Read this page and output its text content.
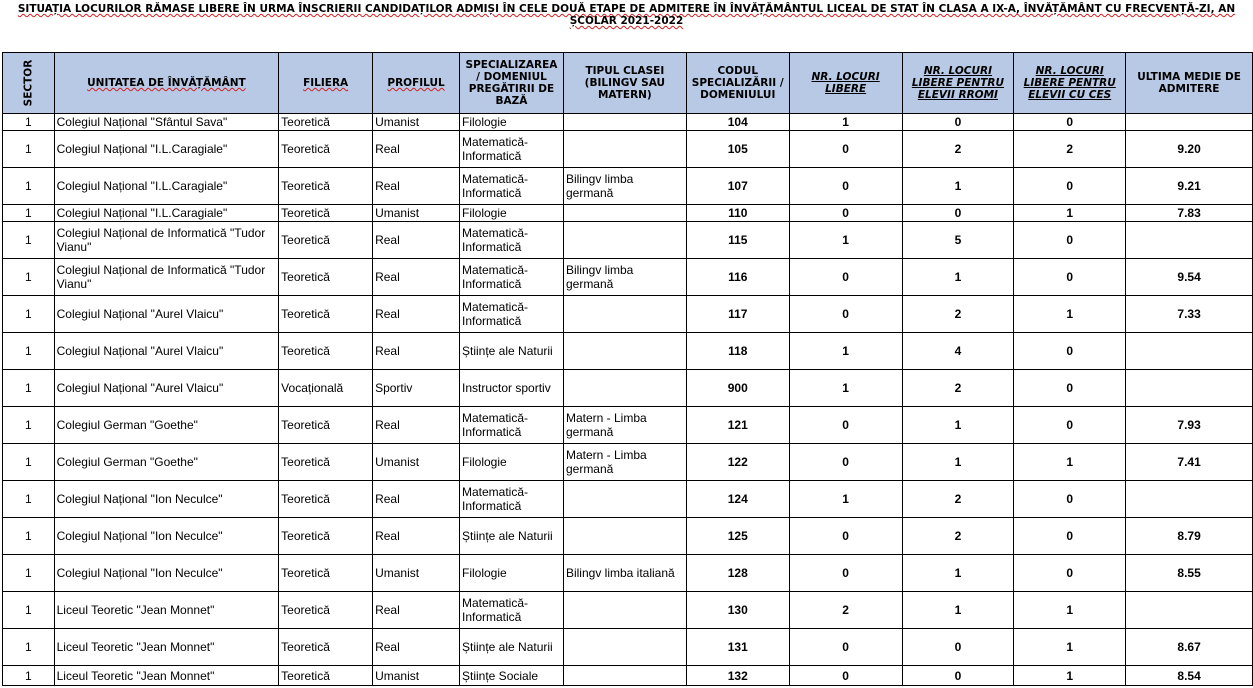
SITUAȚIA LOCURILOR RĂMASE LIBERE ÎN URMA ÎNSCRIERII CANDIDAȚILOR ADMIȘI ÎN CELE DOUĂ ETAPE DE ADMITERE ÎN ÎNVĂȚĂMÂNTUL LICEAL DE STAT ÎN CLASA A IX-A, ÎNVĂȚĂMÂNT CU FRECVENȚĂ-ZI, AN ȘCOLAR 2021-2022
SECTOR	UNITATEA DE ÎNVĂȚĂMÂNT	FILIERA	PROFILUL	SPECIALIZAREA / DOMENIUL PREGĂTIRII DE BAZĂ	TIPUL CLASEI (BILINGV SAU MATERN)	CODUL SPECIALIZĂRII / DOMENIULUI	NR. LOCURI LIBERE	NR. LOCURI LIBERE PENTRU ELEVII RROMI	NR. LOCURI LIBERE PENTRU ELEVII CU CES	ULTIMA MEDIE DE ADMITERE
1	Colegiul Național "Sfântul Sava"	Teoretică	Umanist	Filologie		104	1	0	0	
1	Colegiul Național "I.L.Caragiale"	Teoretică	Real	Matematică-Informatică		105	0	2	2	9.20
1	Colegiul Național "I.L.Caragiale"	Teoretică	Real	Matematică-Informatică	Bilingv limba germană	107	0	1	0	9.21
1	Colegiul Național "I.L.Caragiale"	Teoretică	Umanist	Filologie		110	0	0	1	7.83
1	Colegiul Național de Informatică "Tudor Vianu"	Teoretică	Real	Matematică-Informatică		115	1	5	0	
1	Colegiul Național de Informatică "Tudor Vianu"	Teoretică	Real	Matematică-Informatică	Bilingv limba germană	116	0	1	0	9.54
1	Colegiul Național "Aurel Vlaicu"	Teoretică	Real	Matematică-Informatică		117	0	2	1	7.33
1	Colegiul Național "Aurel Vlaicu"	Teoretică	Real	Științe ale Naturii		118	1	4	0	
1	Colegiul Național "Aurel Vlaicu"	Vocațională	Sportiv	Instructor sportiv		900	1	2	0	
1	Colegiul German "Goethe"	Teoretică	Real	Matematică-Informatică	Matern - Limba germană	121	0	1	0	7.93
1	Colegiul German "Goethe"	Teoretică	Umanist	Filologie	Matern - Limba germană	122	0	1	1	7.41
1	Colegiul Național "Ion Neculce"	Teoretică	Real	Matematică-Informatică		124	1	2	0	
1	Colegiul Național "Ion Neculce"	Teoretică	Real	Științe ale Naturii		125	0	2	0	8.79
1	Colegiul Național "Ion Neculce"	Teoretică	Umanist	Filologie	Bilingv limba italiană	128	0	1	0	8.55
1	Liceul Teoretic "Jean Monnet"	Teoretică	Real	Matematică-Informatică		130	2	1	1	
1	Liceul Teoretic "Jean Monnet"	Teoretică	Real	Științe ale Naturii		131	0	0	1	8.67
1	Liceul Teoretic "Jean Monnet"	Teoretică	Umanist	Științe Sociale		132	0	0	1	8.54
